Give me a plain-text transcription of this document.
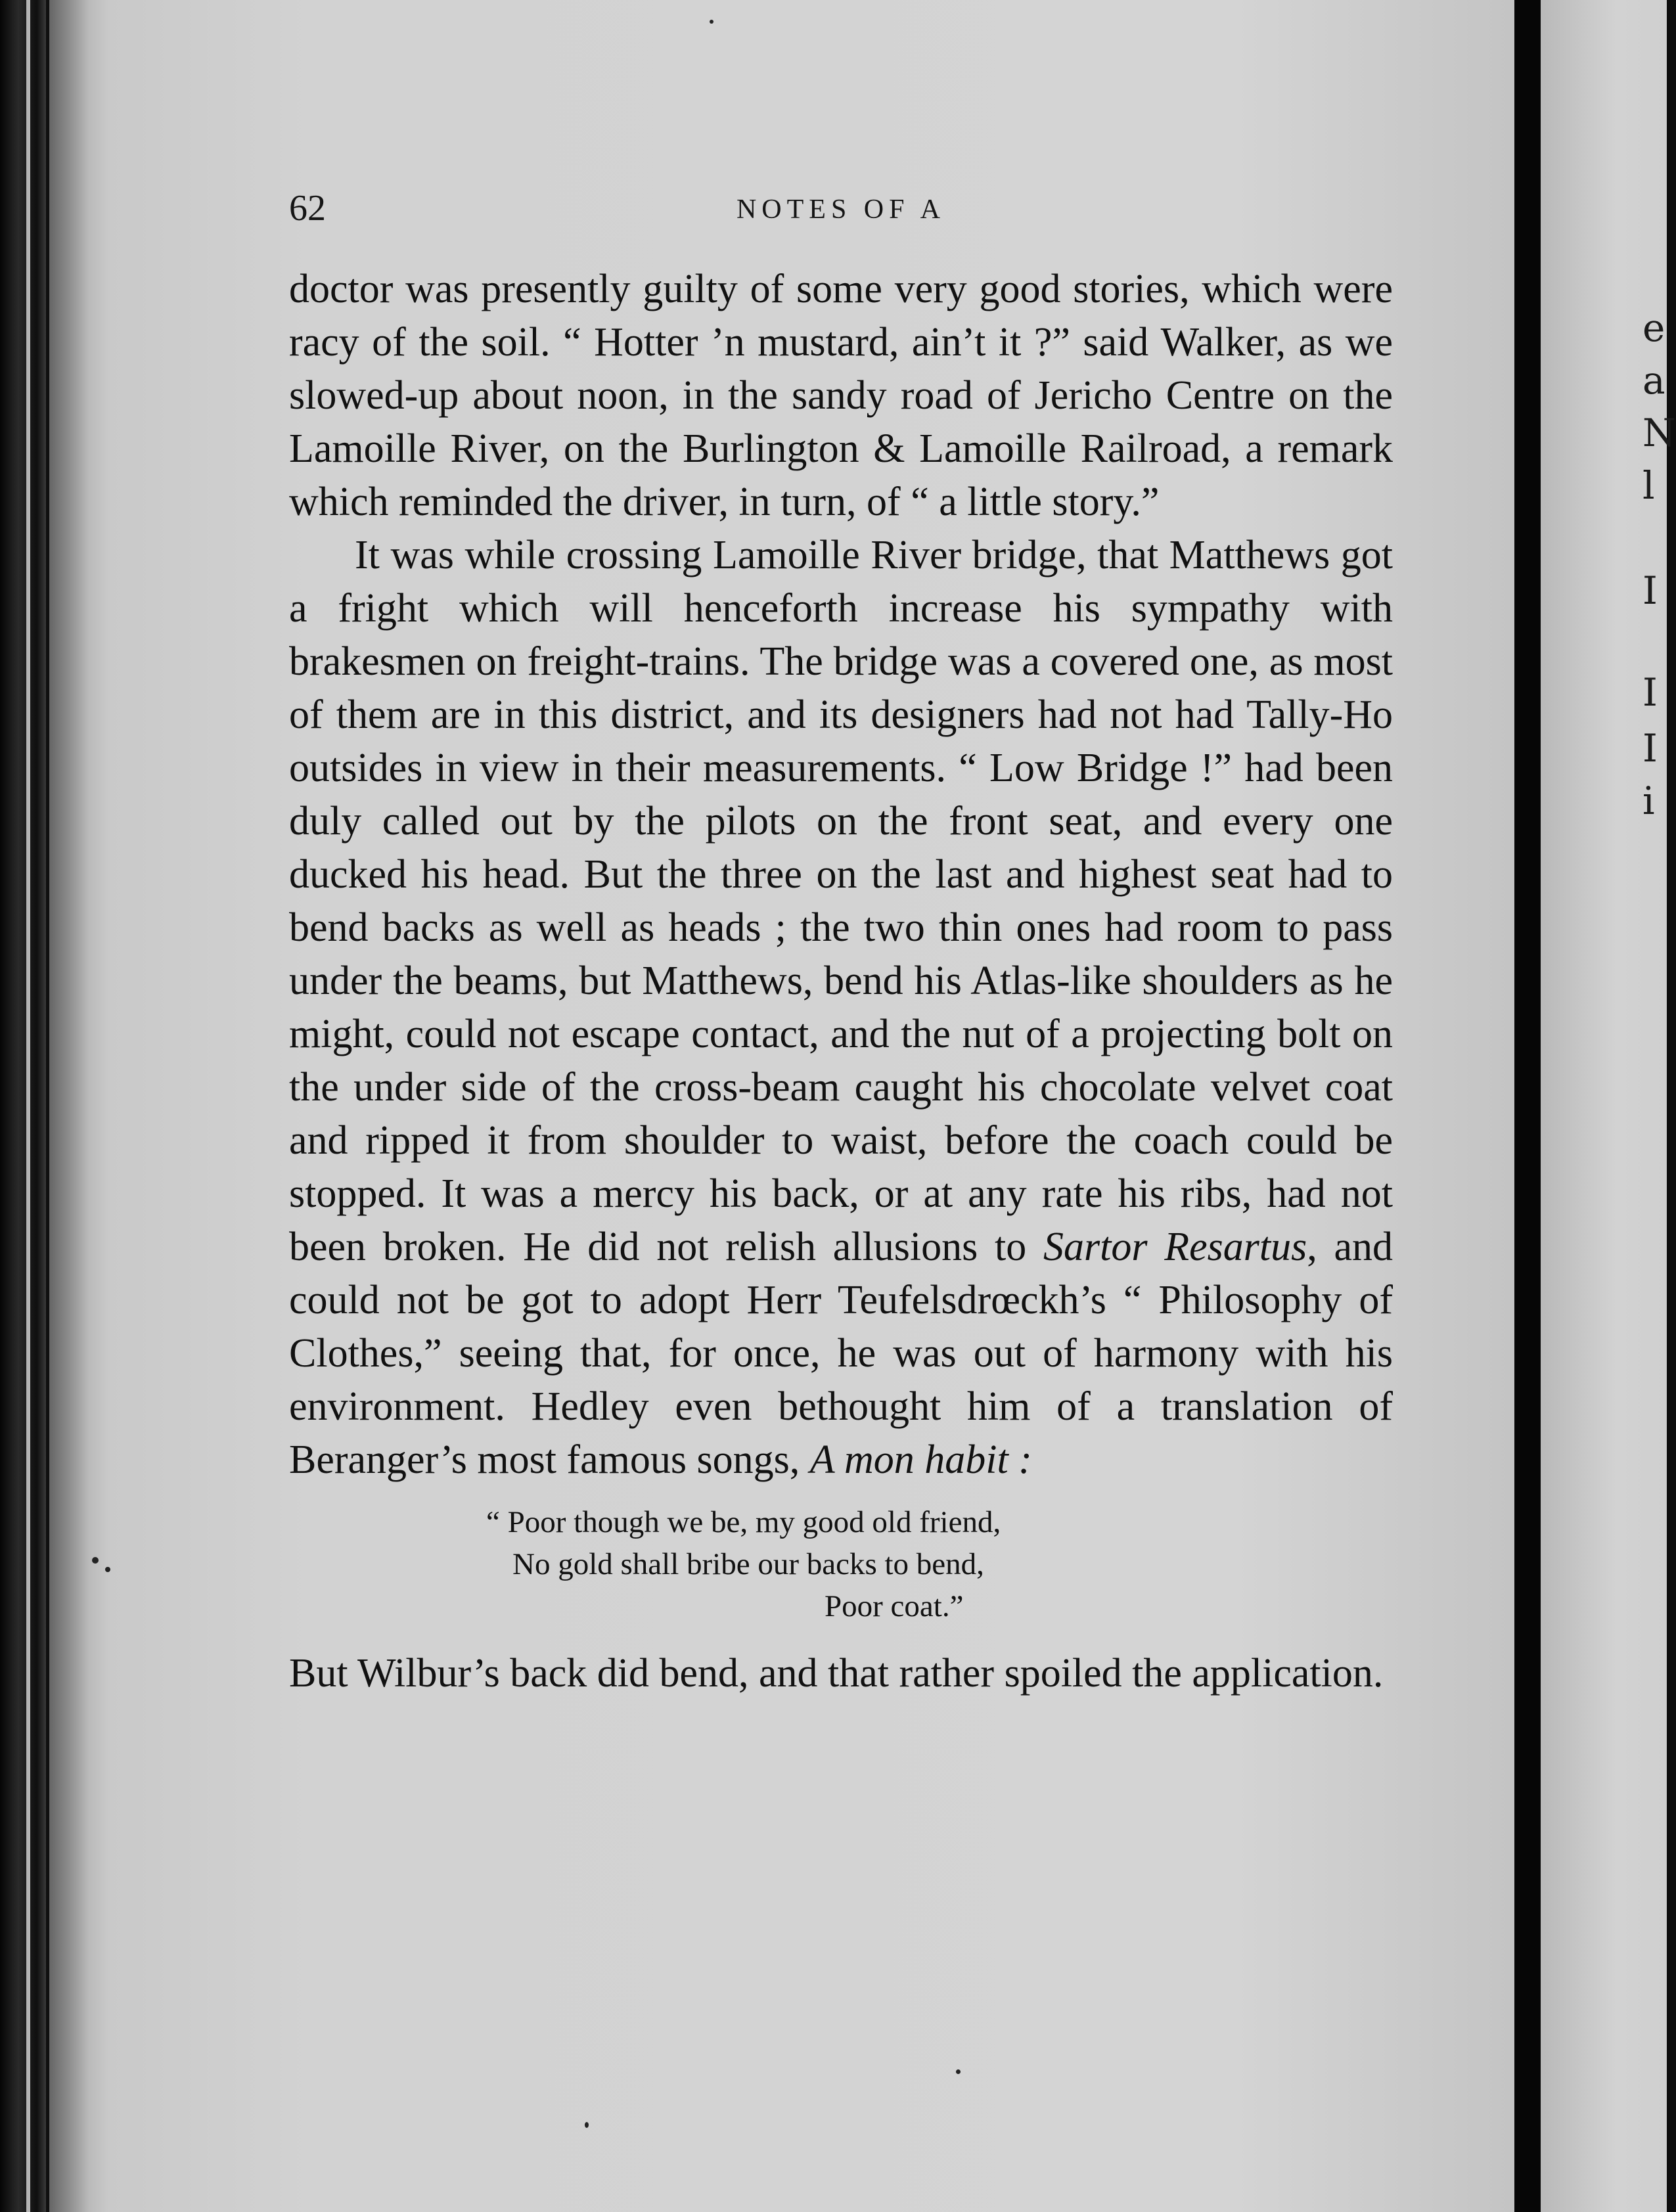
e
a
N
l
I
I
I
i
62	NOTES OF A

doctor was presently guilty of some very good stories, which were racy of the soil. “ Hotter ’n mustard, ain’t it ?” said Walker, as we slowed-up about noon, in the sandy road of Jericho Centre on the Lamoille River, on the Burlington & Lamoille Railroad, a remark which reminded the driver, in turn, of “ a little story.”

It was while crossing Lamoille River bridge, that Matthews got a fright which will henceforth increase his sympathy with brakesmen on freight-trains. The bridge was a covered one, as most of them are in this district, and its designers had not had Tally-Ho outsides in view in their measurements. “ Low Bridge !” had been duly called out by the pilots on the front seat, and every one ducked his head. But the three on the last and highest seat had to bend backs as well as heads ; the two thin ones had room to pass under the beams, but Matthews, bend his Atlas-like shoulders as he might, could not escape contact, and the nut of a projecting bolt on the under side of the cross-beam caught his chocolate velvet coat and ripped it from shoulder to waist, before the coach could be stopped. It was a mercy his back, or at any rate his ribs, had not been broken. He did not relish allusions to Sartor Resartus, and could not be got to adopt Herr Teufelsdrœckh’s “ Philosophy of Clothes,” seeing that, for once, he was out of harmony with his environment. Hedley even bethought him of a translation of Beranger’s most famous songs, A mon habit :

“ Poor though we be, my good old friend,
No gold shall bribe our backs to bend,
Poor coat.”

But Wilbur’s back did bend, and that rather spoiled the application.
